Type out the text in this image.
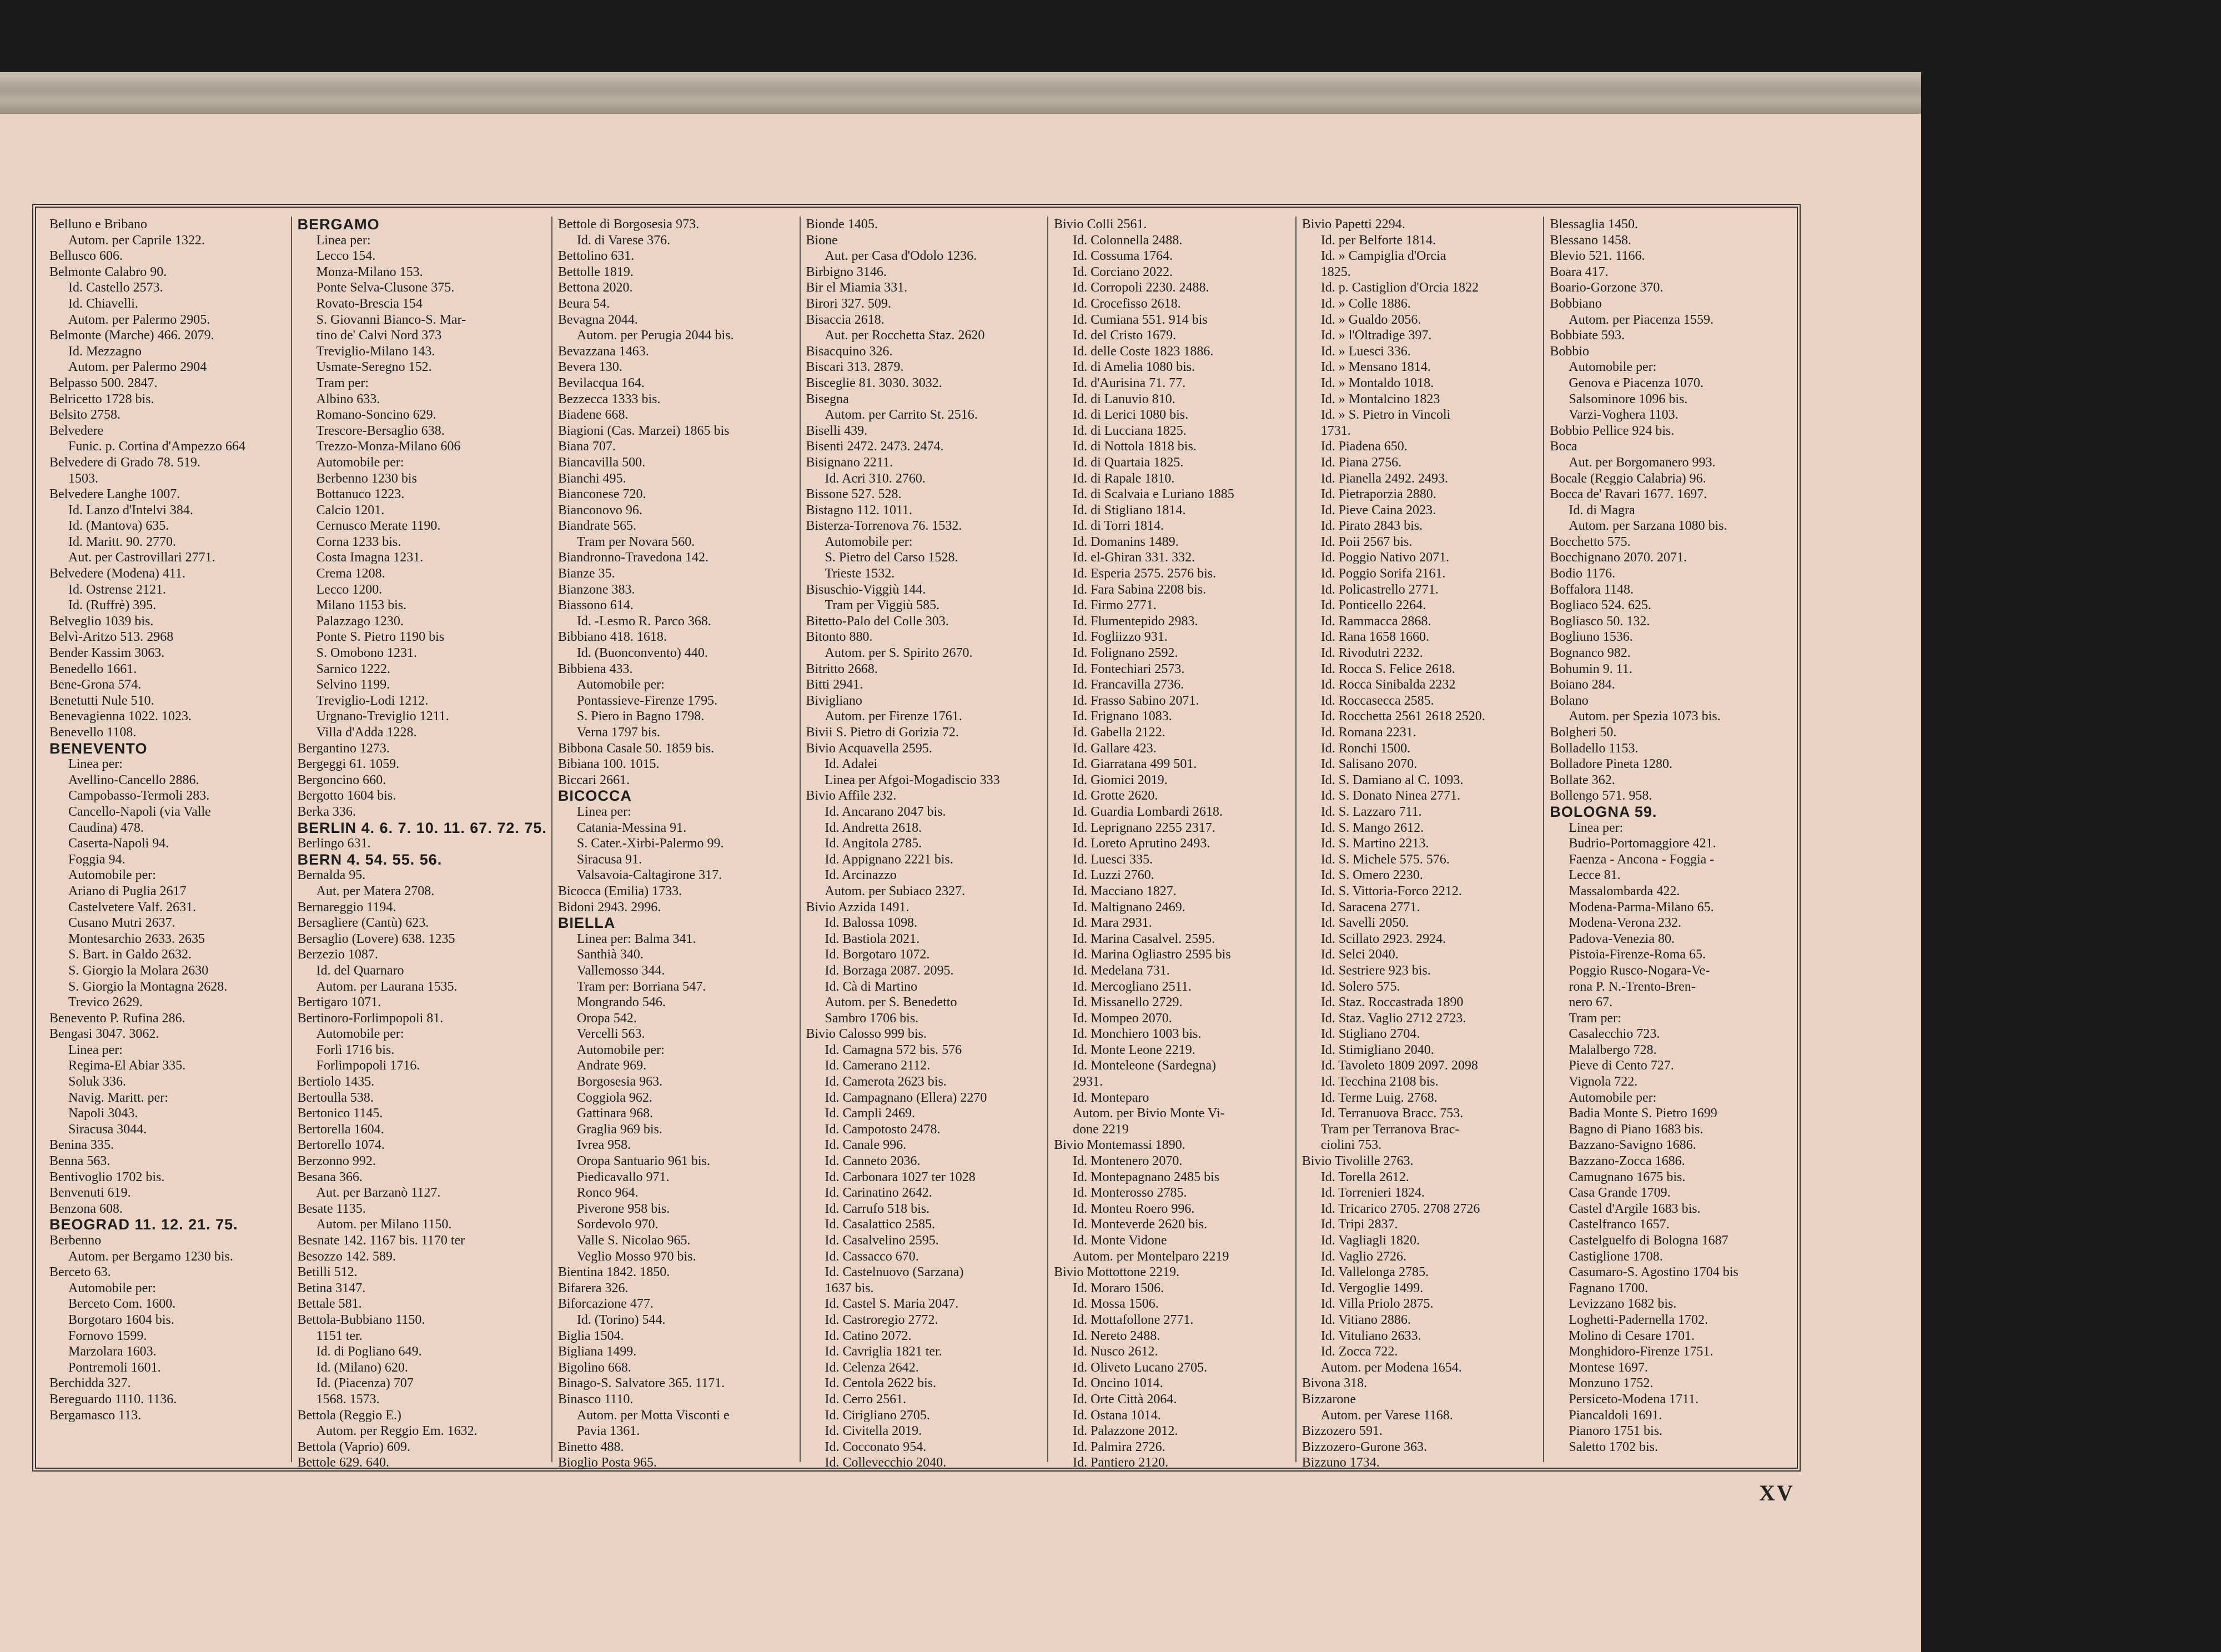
Belluno e Bribano
Autom. per Caprile 1322.
Bellusco 606.
Belmonte Calabro 90.
Id. Castello 2573.
Id. Chiavelli.
Autom. per Palermo 2905.
Belmonte (Marche) 466. 2079.
Id. Mezzagno
Autom. per Palermo 2904
Belpasso 500. 2847.
Belricetto 1728 bis.
Belsito 2758.
Belvedere
Funic. p. Cortina d'Ampezzo 664
Belvedere di Grado 78. 519.
1503.
Belvedere Langhe 1007.
Id. Lanzo d'Intelvi 384.
Id. (Mantova) 635.
Id. Maritt. 90. 2770.
Aut. per Castrovillari 2771.
Belvedere (Modena) 411.
Id. Ostrense 2121.
Id. (Ruffrè) 395.
Belveglio 1039 bis.
Belvì-Aritzo 513. 2968
Bender Kassim 3063.
Benedello 1661.
Bene-Grona 574.
Benetutti Nule 510.
Benevagienna 1022. 1023.
Benevello 1108.
BENEVENTO
Linea per:
Avellino-Cancello 2886.
Campobasso-Termoli 283.
Cancello-Napoli (via Valle
Caudina) 478.
Caserta-Napoli 94.
Foggia 94.
Automobile per:
Ariano di Puglia 2617
Castelvetere Valf. 2631.
Cusano Mutri 2637.
Montesarchio 2633. 2635
S. Bart. in Galdo 2632.
S. Giorgio la Molara 2630
S. Giorgio la Montagna 2628.
Trevico 2629.
Benevento P. Rufina 286.
Bengasi 3047. 3062.
Linea per:
Regima-El Abiar 335.
Soluk 336.
Navig. Maritt. per:
Napoli 3043.
Siracusa 3044.
Benina 335.
Benna 563.
Bentivoglio 1702 bis.
Benvenuti 619.
Benzona 608.
BEOGRAD 11. 12. 21. 75.
Berbenno
Autom. per Bergamo 1230 bis.
Berceto 63.
Automobile per:
Berceto Com. 1600.
Borgotaro 1604 bis.
Fornovo 1599.
Marzolara 1603.
Pontremoli 1601.
Berchidda 327.
Bereguardo 1110. 1136.
Bergamasco 113.
BERGAMO
Linea per:
Lecco 154.
Monza-Milano 153.
Ponte Selva-Clusone 375.
Rovato-Brescia 154
S. Giovanni Bianco-S. Mar-
tino de' Calvi Nord 373
Treviglio-Milano 143.
Usmate-Seregno 152.
Tram per:
Albino 633.
Romano-Soncino 629.
Trescore-Bersaglio 638.
Trezzo-Monza-Milano 606
Automobile per:
Berbenno 1230 bis
Bottanuco 1223.
Calcio 1201.
Cernusco Merate 1190.
Corna 1233 bis.
Costa Imagna 1231.
Crema 1208.
Lecco 1200.
Milano 1153 bis.
Palazzago 1230.
Ponte S. Pietro 1190 bis
S. Omobono 1231.
Sarnico 1222.
Selvino 1199.
Treviglio-Lodi 1212.
Urgnano-Treviglio 1211.
Villa d'Adda 1228.
Bergantino 1273.
Bergeggi 61. 1059.
Bergoncino 660.
Bergotto 1604 bis.
Berka 336.
BERLIN 4. 6. 7. 10. 11. 67. 72. 75.
Berlingo 631.
BERN 4. 54. 55. 56.
Bernalda 95.
Aut. per Matera 2708.
Bernareggio 1194.
Bersagliere (Cantù) 623.
Bersaglio (Lovere) 638. 1235
Berzezio 1087.
Id. del Quarnaro
Autom. per Laurana 1535.
Bertigaro 1071.
Bertinoro-Forlimpopoli 81.
Automobile per:
Forlì 1716 bis.
Forlimpopoli 1716.
Bertiolo 1435.
Bertoulla 538.
Bertonico 1145.
Bertorella 1604.
Bertorello 1074.
Berzonno 992.
Besana 366.
Aut. per Barzanò 1127.
Besate 1135.
Autom. per Milano 1150.
Besnate 142. 1167 bis. 1170 ter
Besozzo 142. 589.
Betilli 512.
Betina 3147.
Bettale 581.
Bettola-Bubbiano 1150.
1151 ter.
Id. di Pogliano 649.
Id. (Milano) 620.
Id. (Piacenza) 707
1568. 1573.
Bettola (Reggio E.)
Autom. per Reggio Em. 1632.
Bettola (Vaprio) 609.
Bettole 629. 640.
Bettole di Borgosesia 973.
Id. di Varese 376.
Bettolino 631.
Bettolle 1819.
Bettona 2020.
Beura 54.
Bevagna 2044.
Autom. per Perugia 2044 bis.
Bevazzana 1463.
Bevera 130.
Bevilacqua 164.
Bezzecca 1333 bis.
Biadene 668.
Biagioni (Cas. Marzei) 1865 bis
Biana 707.
Biancavilla 500.
Bianchi 495.
Bianconese 720.
Bianconovo 96.
Biandrate 565.
Tram per Novara 560.
Biandronno-Travedona 142.
Bianze 35.
Bianzone 383.
Biassono 614.
Id. -Lesmo R. Parco 368.
Bibbiano 418. 1618.
Id. (Buonconvento) 440.
Bibbiena 433.
Automobile per:
Pontassieve-Firenze 1795.
S. Piero in Bagno 1798.
Verna 1797 bis.
Bibbona Casale 50. 1859 bis.
Bibiana 100. 1015.
Biccari 2661.
BICOCCA
Linea per:
Catania-Messina 91.
S. Cater.-Xirbi-Palermo 99.
Siracusa 91.
Valsavoia-Caltagirone 317.
Bicocca (Emilia) 1733.
Bidoni 2943. 2996.
BIELLA
Linea per: Balma 341.
Santhià 340.
Vallemosso 344.
Tram per: Borriana 547.
Mongrando 546.
Oropa 542.
Vercelli 563.
Automobile per:
Andrate 969.
Borgosesia 963.
Coggiola 962.
Gattinara 968.
Graglia 969 bis.
Ivrea 958.
Oropa Santuario 961 bis.
Piedicavallo 971.
Ronco 964.
Piverone 958 bis.
Sordevolo 970.
Valle S. Nicolao 965.
Veglio Mosso 970 bis.
Bientina 1842. 1850.
Bifarera 326.
Biforcazione 477.
Id. (Torino) 544.
Biglia 1504.
Bigliana 1499.
Bigolino 668.
Binago-S. Salvatore 365. 1171.
Binasco 1110.
Autom. per Motta Visconti e
Pavia 1361.
Binetto 488.
Bioglio Posta 965.
Bionde 1405.
Bione
Aut. per Casa d'Odolo 1236.
Birbigno 3146.
Bir el Miamia 331.
Birori 327. 509.
Bisaccia 2618.
Aut. per Rocchetta Staz. 2620
Bisacquino 326.
Biscari 313. 2879.
Bisceglie 81. 3030. 3032.
Bisegna
Autom. per Carrito St. 2516.
Biselli 439.
Bisenti 2472. 2473. 2474.
Bisignano 2211.
Id. Acri 310. 2760.
Bissone 527. 528.
Bistagno 112. 1011.
Bisterza-Torrenova 76. 1532.
Automobile per:
S. Pietro del Carso 1528.
Trieste 1532.
Bisuschio-Viggiù 144.
Tram per Viggiù 585.
Bitetto-Palo del Colle 303.
Bitonto 880.
Autom. per S. Spirito 2670.
Bitritto 2668.
Bitti 2941.
Bivigliano
Autom. per Firenze 1761.
Bivii S. Pietro di Gorizia 72.
Bivio Acquavella 2595.
Id. Adalei
Linea per Afgoi-Mogadiscio 333
Bivio Affile 232.
Id. Ancarano 2047 bis.
Id. Andretta 2618.
Id. Angitola 2785.
Id. Appignano 2221 bis.
Id. Arcinazzo
Autom. per Subiaco 2327.
Bivio Azzida 1491.
Id. Balossa 1098.
Id. Bastiola 2021.
Id. Borgotaro 1072.
Id. Borzaga 2087. 2095.
Id. Cà di Martino
Autom. per S. Benedetto
Sambro 1706 bis.
Bivio Calosso 999 bis.
Id. Camagna 572 bis. 576
Id. Camerano 2112.
Id. Camerota 2623 bis.
Id. Campagnano (Ellera) 2270
Id. Campli 2469.
Id. Campotosto 2478.
Id. Canale 996.
Id. Canneto 2036.
Id. Carbonara 1027 ter 1028
Id. Carinatino 2642.
Id. Carrufo 518 bis.
Id. Casalattico 2585.
Id. Casalvelino 2595.
Id. Cassacco 670.
Id. Castelnuovo (Sarzana)
1637 bis.
Id. Castel S. Maria 2047.
Id. Castroregio 2772.
Id. Catino 2072.
Id. Cavriglia 1821 ter.
Id. Celenza 2642.
Id. Centola 2622 bis.
Id. Cerro 2561.
Id. Cirigliano 2705.
Id. Civitella 2019.
Id. Cocconato 954.
Id. Collevecchio 2040.
Bivio Colli 2561.
Id. Colonnella 2488.
Id. Cossuma 1764.
Id. Corciano 2022.
Id. Corropoli 2230. 2488.
Id. Crocefisso 2618.
Id. Cumiana 551. 914 bis
Id. del Cristo 1679.
Id. delle Coste 1823 1886.
Id. di Amelia 1080 bis.
Id. d'Aurisina 71. 77.
Id. di Lanuvio 810.
Id. di Lerici 1080 bis.
Id. di Lucciana 1825.
Id. di Nottola 1818 bis.
Id. di Quartaia 1825.
Id. di Rapale 1810.
Id. di Scalvaia e Luriano 1885
Id. di Stigliano 1814.
Id. di Torri 1814.
Id. Domanins 1489.
Id. el-Ghiran 331. 332.
Id. Esperia 2575. 2576 bis.
Id. Fara Sabina 2208 bis.
Id. Firmo 2771.
Id. Flumentepido 2983.
Id. Fogliizzo 931.
Id. Folignano 2592.
Id. Fontechiari 2573.
Id. Francavilla 2736.
Id. Frasso Sabino 2071.
Id. Frignano 1083.
Id. Gabella 2122.
Id. Gallare 423.
Id. Giarratana 499 501.
Id. Giomici 2019.
Id. Grotte 2620.
Id. Guardia Lombardi 2618.
Id. Leprignano 2255 2317.
Id. Loreto Aprutino 2493.
Id. Luesci 335.
Id. Luzzi 2760.
Id. Macciano 1827.
Id. Maltignano 2469.
Id. Mara 2931.
Id. Marina Casalvel. 2595.
Id. Marina Ogliastro 2595 bis
Id. Medelana 731.
Id. Mercogliano 2511.
Id. Missanello 2729.
Id. Mompeo 2070.
Id. Monchiero 1003 bis.
Id. Monte Leone 2219.
Id. Monteleone (Sardegna)
2931.
Id. Monteparo
Autom. per Bivio Monte Vi-
done 2219
Bivio Montemassi 1890.
Id. Montenero 2070.
Id. Montepagnano 2485 bis
Id. Monterosso 2785.
Id. Monteu Roero 996.
Id. Monteverde 2620 bis.
Id. Monte Vidone
Autom. per Montelparo 2219
Bivio Mottottone 2219.
Id. Moraro 1506.
Id. Mossa 1506.
Id. Mottafollone 2771.
Id. Nereto 2488.
Id. Nusco 2612.
Id. Oliveto Lucano 2705.
Id. Oncino 1014.
Id. Orte Città 2064.
Id. Ostana 1014.
Id. Palazzone 2012.
Id. Palmira 2726.
Id. Pantiero 2120.
Bivio Papetti 2294.
Id. per Belforte 1814.
Id. » Campiglia d'Orcia
1825.
Id. p. Castiglion d'Orcia 1822
Id. » Colle 1886.
Id. » Gualdo 2056.
Id. » l'Oltradige 397.
Id. » Luesci 336.
Id. » Mensano 1814.
Id. » Montaldo 1018.
Id. » Montalcino 1823
Id. » S. Pietro in Vincoli
1731.
Id. Piadena 650.
Id. Piana 2756.
Id. Pianella 2492. 2493.
Id. Pietraporzia 2880.
Id. Pieve Caina 2023.
Id. Pirato 2843 bis.
Id. Poii 2567 bis.
Id. Poggio Nativo 2071.
Id. Poggio Sorifa 2161.
Id. Policastrello 2771.
Id. Ponticello 2264.
Id. Rammacca 2868.
Id. Rana 1658 1660.
Id. Rivodutri 2232.
Id. Rocca S. Felice 2618.
Id. Rocca Sinibalda 2232
Id. Roccasecca 2585.
Id. Rocchetta 2561 2618 2520.
Id. Romana 2231.
Id. Ronchi 1500.
Id. Salisano 2070.
Id. S. Damiano al C. 1093.
Id. S. Donato Ninea 2771.
Id. S. Lazzaro 711.
Id. S. Mango 2612.
Id. S. Martino 2213.
Id. S. Michele 575. 576.
Id. S. Omero 2230.
Id. S. Vittoria-Forco 2212.
Id. Saracena 2771.
Id. Savelli 2050.
Id. Scillato 2923. 2924.
Id. Selci 2040.
Id. Sestriere 923 bis.
Id. Solero 575.
Id. Staz. Roccastrada 1890
Id. Staz. Vaglio 2712 2723.
Id. Stigliano 2704.
Id. Stimigliano 2040.
Id. Tavoleto 1809 2097. 2098
Id. Tecchina 2108 bis.
Id. Terme Luig. 2768.
Id. Terranuova Bracc. 753.
Tram per Terranova Brac-
ciolini 753.
Bivio Tivolille 2763.
Id. Torella 2612.
Id. Torrenieri 1824.
Id. Tricarico 2705. 2708 2726
Id. Tripi 2837.
Id. Vagliagli 1820.
Id. Vaglio 2726.
Id. Vallelonga 2785.
Id. Vergoglie 1499.
Id. Villa Priolo 2875.
Id. Vitiano 2886.
Id. Vituliano 2633.
Id. Zocca 722.
Autom. per Modena 1654.
Bivona 318.
Bizzarone
Autom. per Varese 1168.
Bizzozero 591.
Bizzozero-Gurone 363.
Bizzuno 1734.
Blessaglia 1450.
Blessano 1458.
Blevio 521. 1166.
Boara 417.
Boario-Gorzone 370.
Bobbiano
Autom. per Piacenza 1559.
Bobbiate 593.
Bobbio
Automobile per:
Genova e Piacenza 1070.
Salsominore 1096 bis.
Varzi-Voghera 1103.
Bobbio Pellice 924 bis.
Boca
Aut. per Borgomanero 993.
Bocale (Reggio Calabria) 96.
Bocca de' Ravari 1677. 1697.
Id. di Magra
Autom. per Sarzana 1080 bis.
Bocchetto 575.
Bocchignano 2070. 2071.
Bodio 1176.
Boffalora 1148.
Bogliaco 524. 625.
Bogliasco 50. 132.
Bogliuno 1536.
Bognanco 982.
Bohumin 9. 11.
Boiano 284.
Bolano
Autom. per Spezia 1073 bis.
Bolgheri 50.
Bolladello 1153.
Bolladore Pineta 1280.
Bollate 362.
Bollengo 571. 958.
BOLOGNA 59.
Linea per:
Budrio-Portomaggiore 421.
Faenza - Ancona - Foggia -
Lecce 81.
Massalombarda 422.
Modena-Parma-Milano 65.
Modena-Verona 232.
Padova-Venezia 80.
Pistoia-Firenze-Roma 65.
Poggio Rusco-Nogara-Ve-
rona P. N.-Trento-Bren-
nero 67.
Tram per:
Casalecchio 723.
Malalbergo 728.
Pieve di Cento 727.
Vignola 722.
Automobile per:
Badia Monte S. Pietro 1699
Bagno di Piano 1683 bis.
Bazzano-Savigno 1686.
Bazzano-Zocca 1686.
Camugnano 1675 bis.
Casa Grande 1709.
Castel d'Argile 1683 bis.
Castelfranco 1657.
Castelguelfo di Bologna 1687
Castiglione 1708.
Casumaro-S. Agostino 1704 bis
Fagnano 1700.
Levizzano 1682 bis.
Loghetti-Padernella 1702.
Molino di Cesare 1701.
Monghidoro-Firenze 1751.
Montese 1697.
Monzuno 1752.
Persiceto-Modena 1711.
Piancaldoli 1691.
Pianoro 1751 bis.
Saletto 1702 bis.
XV
